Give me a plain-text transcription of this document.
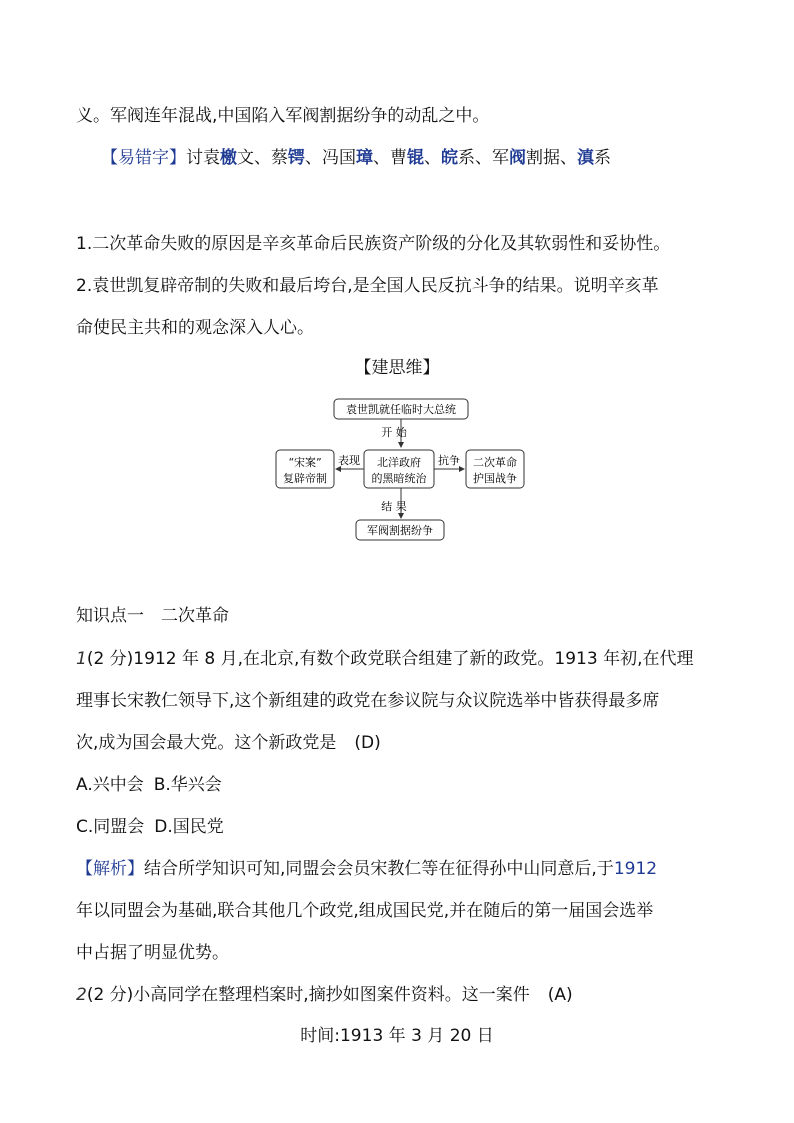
义。军阀连年混战,中国陷入军阀割据纷争的动乱之中。
【易错字】讨袁檄文、蔡锷、冯国璋、曹锟、皖系、军阀割据、滇系
1.二次革命失败的原因是辛亥革命后民族资产阶级的分化及其软弱性和妥协性。
2.袁世凯复辟帝制的失败和最后垮台,是全国人民反抗斗争的结果。说明辛亥革
命使民主共和的观念深入人心。
【建思维】
袁世凯就任临时大总统
开 始
北洋政府
的黑暗统治
“宋案”
复辟帝制
表现	二次革命
护国战争
抗争
结 果
军阀割据纷争
知识点一　二次革命
1(2 分)1912 年 8 月,在北京,有数个政党联合组建了新的政党。1913 年初,在代理
理事长宋教仁领导下,这个新组建的政党在参议院与众议院选举中皆获得最多席
次,成为国会最大党。这个新政党是 (D)
A.兴中会 B.华兴会
C.同盟会 D.国民党
【解析】结合所学知识可知,同盟会会员宋教仁等在征得孙中山同意后,于1912
年以同盟会为基础,联合其他几个政党,组成国民党,并在随后的第一届国会选举
中占据了明显优势。
2(2 分)小高同学在整理档案时,摘抄如图案件资料。这一案件 (A)
时间:1913 年 3 月 20 日
